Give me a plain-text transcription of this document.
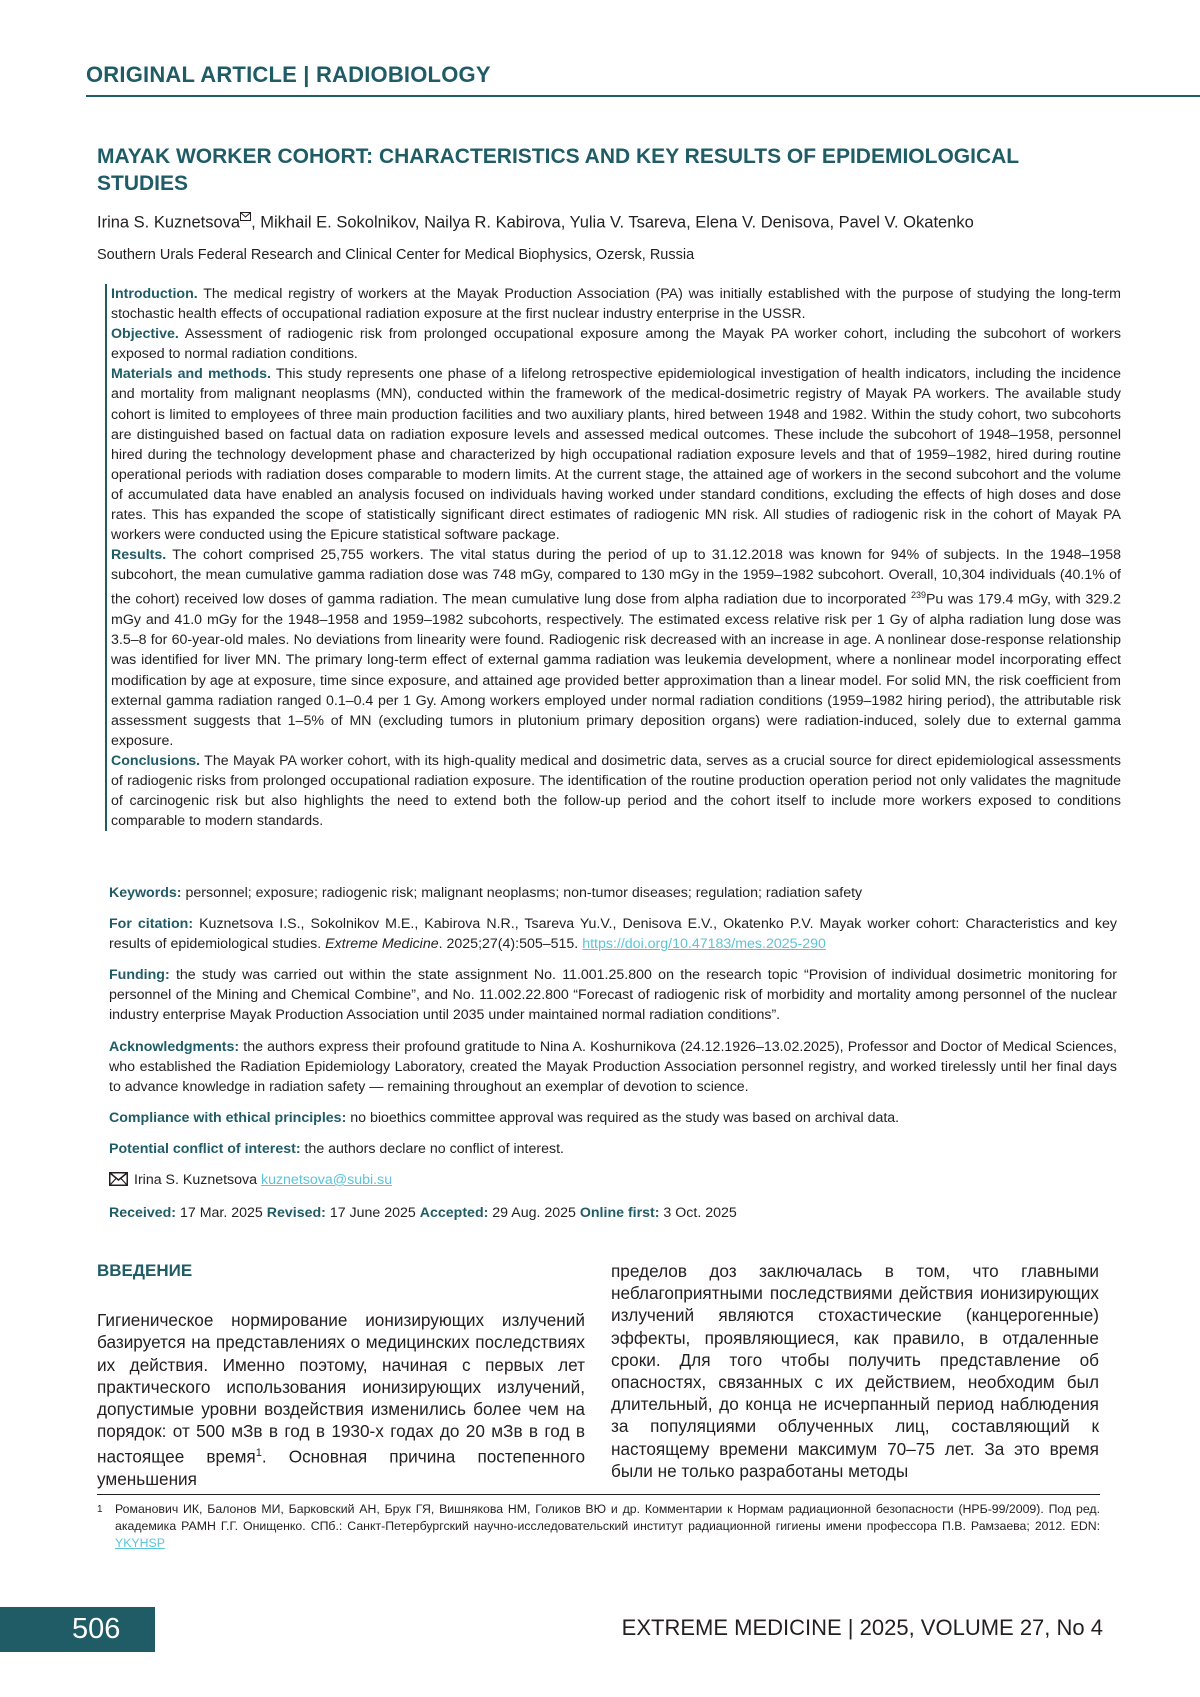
ORIGINAL ARTICLE | RADIOBIOLOGY
MAYAK WORKER COHORT: CHARACTERISTICS AND KEY RESULTS OF EPIDEMIOLOGICAL STUDIES
Irina S. Kuznetsova , Mikhail E. Sokolnikov, Nailya R. Kabirova, Yulia V. Tsareva, Elena V. Denisova, Pavel V. Okatenko
Southern Urals Federal Research and Clinical Center for Medical Biophysics, Ozersk, Russia

Introduction. The medical registry of workers at the Mayak Production Association (PA) was initially established with the purpose of studying the long-term stochastic health effects of occupational radiation exposure at the first nuclear industry enterprise in the USSR.

Objective. Assessment of radiogenic risk from prolonged occupational exposure among the Mayak PA worker cohort, including the subcohort of workers exposed to normal radiation conditions.

Materials and methods. This study represents one phase of a lifelong retrospective epidemiological investigation of health indicators, including the incidence and mortality from malignant neoplasms (MN), conducted within the framework of the medical-dosimetric registry of Mayak PA workers. The available study cohort is limited to employees of three main production facilities and two auxiliary plants, hired between 1948 and 1982. Within the study cohort, two subcohorts are distinguished based on factual data on radiation exposure levels and assessed medical outcomes. These include the subcohort of 1948–1958, personnel hired during the technology development phase and characterized by high occupational radiation exposure levels and that of 1959–1982, hired during routine operational periods with radiation doses comparable to modern limits. At the current stage, the attained age of workers in the second subcohort and the volume of accumulated data have enabled an analysis focused on individuals having worked under standard conditions, excluding the effects of high doses and dose rates. This has expanded the scope of statistically significant direct estimates of radiogenic MN risk. All studies of radiogenic risk in the cohort of Mayak PA workers were conducted using the Epicure statistical software package.

Results. The cohort comprised 25,755 workers. The vital status during the period of up to 31.12.2018 was known for 94% of subjects. In the 1948–1958 subcohort, the mean cumulative gamma radiation dose was 748 mGy, compared to 130 mGy in the 1959–1982 subcohort. Overall, 10,304 individuals (40.1% of the cohort) received low doses of gamma radiation. The mean cumulative lung dose from alpha radiation due to incorporated $^{239}$Pu was 179.4 mGy, with 329.2 mGy and 41.0 mGy for the 1948–1958 and 1959–1982 subcohorts, respectively. The estimated excess relative risk per 1 Gy of alpha radiation lung dose was 3.5–8 for 60-year-old males. No deviations from linearity were found. Radiogenic risk decreased with an increase in age. A nonlinear dose-response relationship was identified for liver MN. The primary long-term effect of external gamma radiation was leukemia development, where a nonlinear model incorporating effect modification by age at exposure, time since exposure, and attained age provided better approximation than a linear model. For solid MN, the risk coefficient from external gamma radiation ranged 0.1–0.4 per 1 Gy. Among workers employed under normal radiation conditions (1959–1982 hiring period), the attributable risk assessment suggests that 1–5% of MN (excluding tumors in plutonium primary deposition organs) were radiation-induced, solely due to external gamma exposure.

Conclusions. The Mayak PA worker cohort, with its high-quality medical and dosimetric data, serves as a crucial source for direct epidemiological assessments of radiogenic risks from prolonged occupational radiation exposure. The identification of the routine production operation period not only validates the magnitude of carcinogenic risk but also highlights the need to extend both the follow-up period and the cohort itself to include more workers exposed to conditions comparable to modern standards.

Keywords: personnel; exposure; radiogenic risk; malignant neoplasms; non-tumor diseases; regulation; radiation safety

For citation: Kuznetsova I.S., Sokolnikov M.E., Kabirova N.R., Tsareva Yu.V., Denisova E.V., Okatenko P.V. Mayak worker cohort: Characteristics and key results of epidemiological studies. Extreme Medicine. 2025;27(4):505–515. https://doi.org/10.47183/mes.2025-290

Funding: the study was carried out within the state assignment No. 11.001.25.800 on the research topic “Provision of individual dosimetric monitoring for personnel of the Mining and Chemical Combine”, and No. 11.002.22.800 “Forecast of radiogenic risk of morbidity and mortality among personnel of the nuclear industry enterprise Mayak Production Association until 2035 under maintained normal radiation conditions”.

Acknowledgments: the authors express their profound gratitude to Nina A. Koshurnikova (24.12.1926–13.02.2025), Professor and Doctor of Medical Sciences, who established the Radiation Epidemiology Laboratory, created the Mayak Production Association personnel registry, and worked tirelessly until her final days to advance knowledge in radiation safety — remaining throughout an exemplar of devotion to science.

Compliance with ethical principles: no bioethics committee approval was required as the study was based on archival data.

Potential conflict of interest: the authors declare no conflict of interest.

Irina S. Kuznetsova kuznetsova@subi.su

Received: 17 Mar. 2025 Revised: 17 June 2025 Accepted: 29 Aug. 2025 Online first: 3 Oct. 2025

ВВЕДЕНИЕ

Гигиеническое нормирование ионизирующих излучений базируется на представлениях о медицинских последствиях их действия. Именно поэтому, начиная с первых лет практического использования ионизирующих излучений, допустимые уровни воздействия изменились более чем на порядок: от 500 мЗв в год в 1930-х годах до 20 мЗв в год в настоящее время$^1$. Основная причина постепенного уменьшения

пределов доз заключалась в том, что главными неблагоприятными последствиями действия ионизирующих излучений являются стохастические (канцерогенные) эффекты, проявляющиеся, как правило, в отдаленные сроки. Для того чтобы получить представление об опасностях, связанных с их действием, необходим был длительный, до конца не исчерпанный период наблюдения за популяциями облученных лиц, составляющий к настоящему времени максимум 70–75 лет. За это время были не только разработаны методы

1	Романович ИК, Балонов МИ, Барковский АН, Брук ГЯ, Вишнякова НМ, Голиков ВЮ и др. Комментарии к Нормам радиационной безопасности (НРБ-99/2009). Под ред. академика РАМН Г.Г. Онищенко. СПб.: Санкт-Петербургский научно-исследовательский институт радиационной гигиены имени профессора П.В. Рамзаева; 2012. EDN: YKYHSP
506	EXTREME MEDICINE | 2025, VOLUME 27, No 4
